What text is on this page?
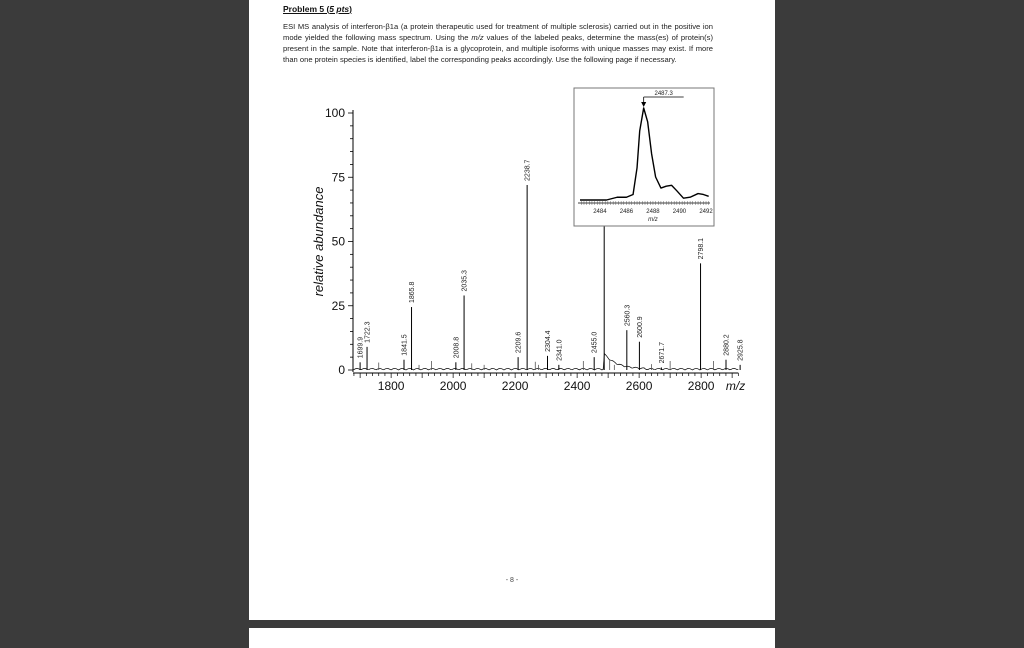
Problem 5 (5 pts)
ESI MS analysis of interferon-β1a (a protein therapeutic used for treatment of multiple sclerosis) carried out in the positive ion mode yielded the following mass spectrum. Using the m/z values of the labeled peaks, determine the mass(es) of protein(s) present in the sample. Note that interferon-β1a is a glycoprotein, and multiple isoforms with unique masses may exist. If more than one protein species is identified, label the corresponding peaks accordingly. Use the following page if necessary.
0
25
50
75
100
1800	2000	2200	2400	2600	2800 m/z
relative abundance
1699.9
1722.3
1841.5
1865.8
2008.8
2035.3
2209.6
2238.7
2304.4 2341.0	2455.0
2560.3
2600.9
2671.7
2798.1
2880.2 2925.8
2484 2486 2488 2490 2492
m/z
2487.3
- 8 -
